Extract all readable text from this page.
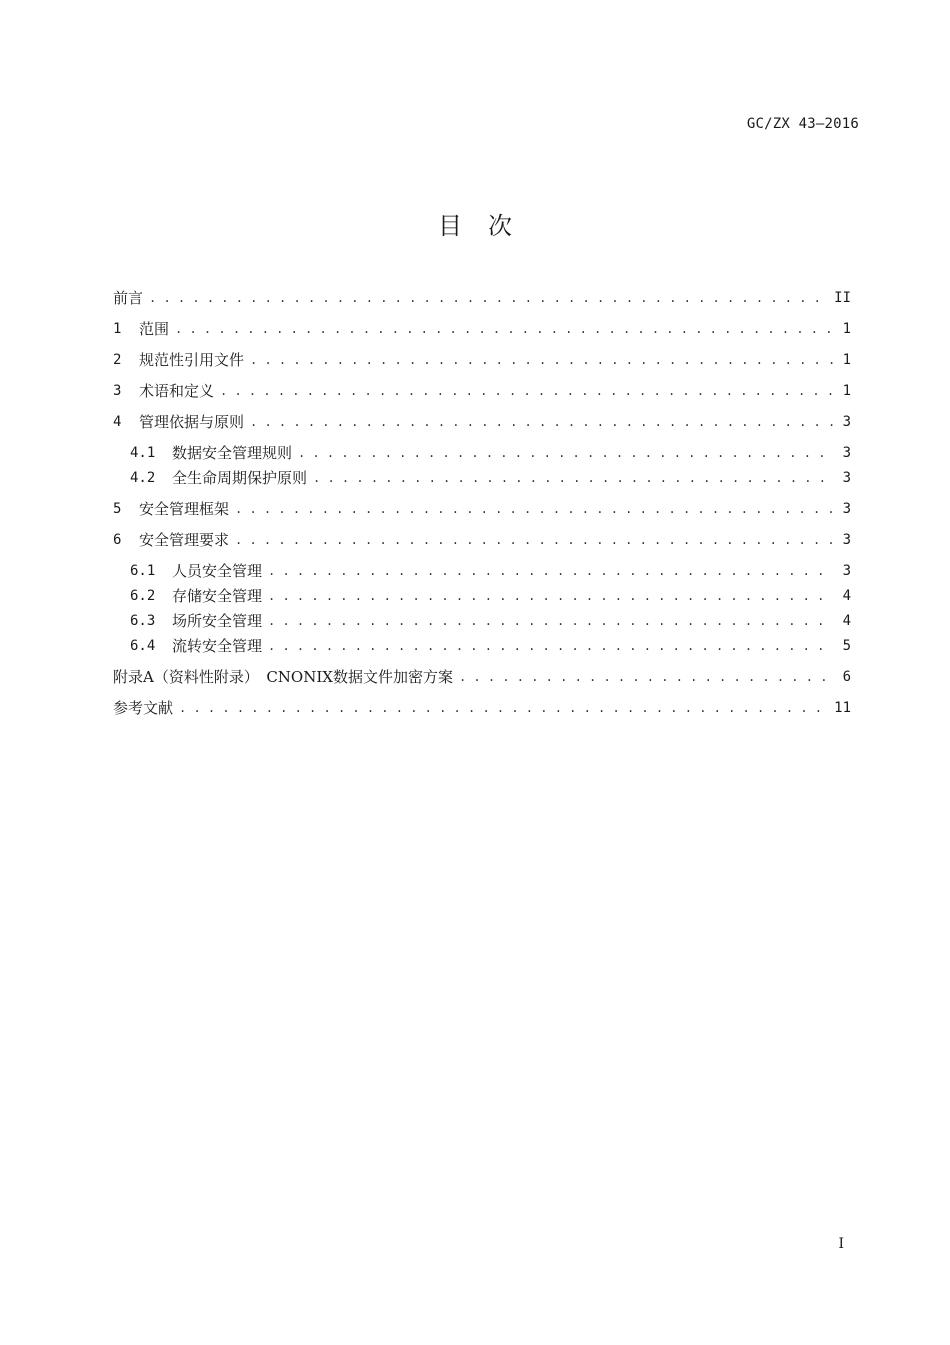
GC/ZX 43—2016
目次
前言 . . .	II
1	范围 . . .	1
2	规范性引用文件 . . .	1
3	术语和定义 . . .	1
4	管理依据与原则 . . .	3
4.1	数据安全管理规则 . . .	3
4.2	全生命周期保护原则 . . .	3
5	安全管理框架 . . .	3
6	安全管理要求 . . .	3
6.1	人员安全管理 . . .	3
6.2	存储安全管理 . . .	4
6.3	场所安全管理 . . .	4
6.4	流转安全管理 . . .	5
附录A（资料性附录）　CNONIX数据文件加密方案 . . .	6
参考文献 . . .	11
I
